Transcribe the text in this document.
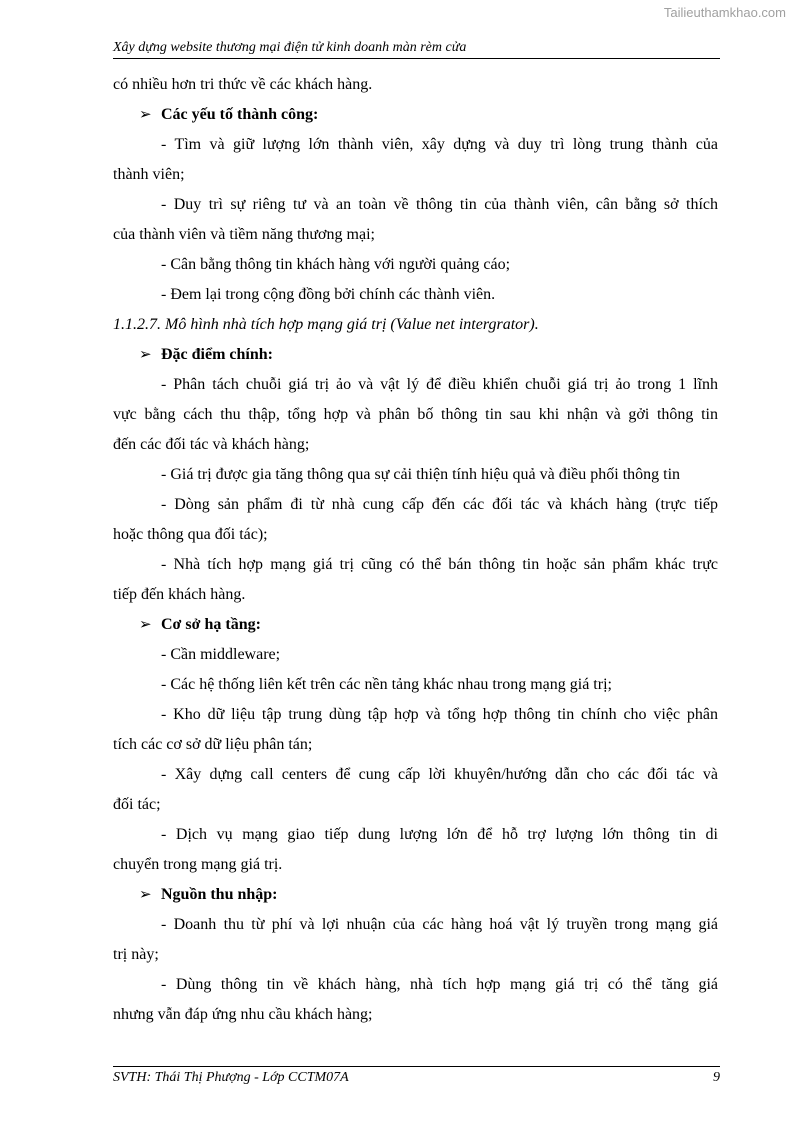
Tailieuthamkhao.com
Xây dựng website thương mại điện tử kinh doanh màn rèm cửa
có nhiều hơn tri thức về các khách hàng.
➢ Các yếu tố thành công:
- Tìm và giữ lượng lớn thành viên, xây dựng và duy trì lòng trung thành của
thành viên;
- Duy trì sự riêng tư và an toàn về thông tin của thành viên, cân bằng sở thích
của thành viên và tiềm năng thương mại;
- Cân bằng thông tin khách hàng với người quảng cáo;
- Đem lại trong cộng đồng bởi chính các thành viên.
1.1.2.7. Mô hình nhà tích hợp mạng giá trị (Value net intergrator).
➢ Đặc điểm chính:
- Phân tách chuỗi giá trị ảo và vật lý để điều khiển chuỗi giá trị ảo trong 1 lĩnh
vực bằng cách thu thập, tổng hợp và phân bố thông tin sau khi nhận và gởi thông tin
đến các đối tác và khách hàng;
- Giá trị được gia tăng thông qua sự cải thiện tính hiệu quả và điều phối thông tin
- Dòng sản phẩm đi từ nhà cung cấp đến các đối tác và khách hàng (trực tiếp
hoặc thông qua đối tác);
- Nhà tích hợp mạng giá trị cũng có thể bán thông tin hoặc sản phẩm khác trực
tiếp đến khách hàng.
➢ Cơ sở hạ tầng:
- Cần middleware;
- Các hệ thống liên kết trên các nền tảng khác nhau trong mạng giá trị;
- Kho dữ liệu tập trung dùng tập hợp và tổng hợp thông tin chính cho việc phân
tích các cơ sở dữ liệu phân tán;
- Xây dựng call centers để cung cấp lời khuyên/hướng dẫn cho các đối tác và
đối tác;
- Dịch vụ mạng giao tiếp dung lượng lớn để hỗ trợ lượng lớn thông tin di
chuyển trong mạng giá trị.
➢ Nguồn thu nhập:
- Doanh thu từ phí và lợi nhuận của các hàng hoá vật lý truyền trong mạng giá
trị này;
- Dùng thông tin về khách hàng, nhà tích hợp mạng giá trị có thể tăng giá
nhưng vẫn đáp ứng nhu cầu khách hàng;
SVTH: Thái Thị Phượng - Lớp CCTM07A	9
